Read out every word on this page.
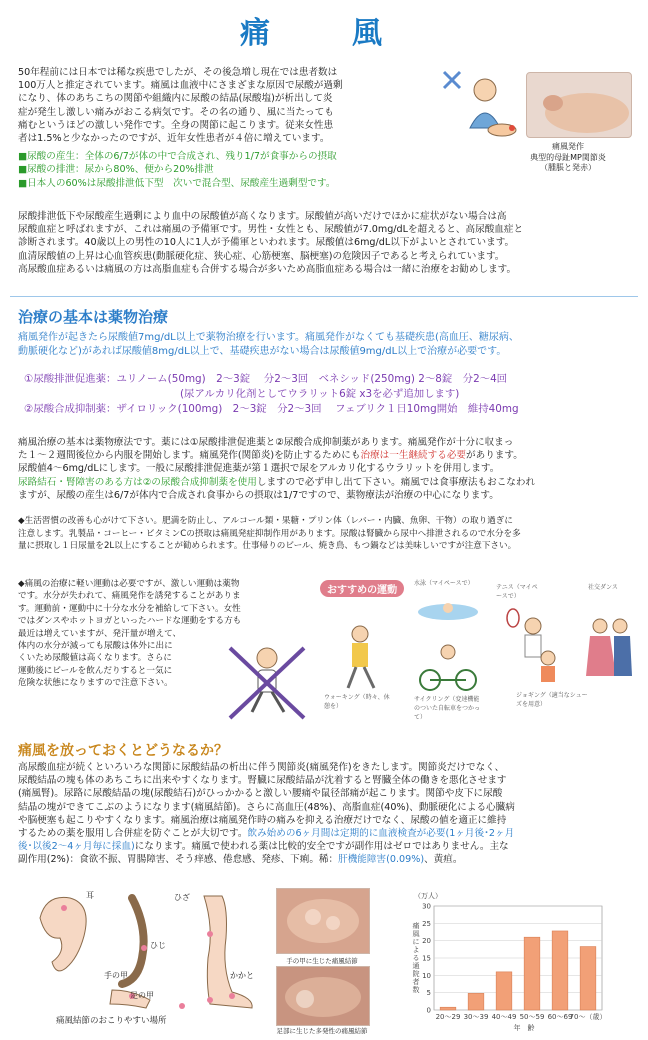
痛　風
50年程前には日本では稀な疾患でしたが、その後急増し現在では患者数は
100万人と推定されています。痛風は血液中にさまざまな原因で尿酸が過剰
になり、体のあちこちの関節や組織内に尿酸の結晶(尿酸塩)が析出して炎
症が発生し激しい痛みがおこる病気です。その名の通り、風に当たっても
痛むというほどの激しい発作です。全身の関節に起こります。従来女性患
者は1.5%と少なかったのですが、近年女性患者が４倍に増えています。
■尿酸の産生：全体の6/7が体の中で合成され、残り1/7が食事からの摂取
■尿酸の排泄：尿から80%、便から20%排泄
■日本人の60%は尿酸排泄低下型　次いで混合型、尿酸産生過剰型です。
痛風発作
典型的母趾MP関節炎
（腫脹と発赤）
尿酸排泄低下や尿酸産生過剰により血中の尿酸値が高くなります。尿酸値が高いだけでほかに症状がない場合は高
尿酸血症と呼ばれますが、これは痛風の予備軍です。男性・女性とも、尿酸値が7.0mg/dLを超えると、高尿酸血症と
診断されます。40歳以上の男性の10人に1人が予備軍といわれます。尿酸値は6mg/dL以下がよいとされています。
血清尿酸値の上昇は心血管疾患(動脈硬化症、狭心症、心筋梗塞、脳梗塞)の危険因子であると考えられています。
高尿酸血症あるいは痛風の方は高脂血症も合併する場合が多いため高脂血症ある場合は一緒に治療をお勧めします。
治療の基本は薬物治療
痛風発作が起きたら尿酸値7mg/dL以上で薬物治療を行います。痛風発作がなくても基礎疾患(高血圧、糖尿病、
動脈硬化など)があれば尿酸値8mg/dL以上で、基礎疾患がない場合は尿酸値9mg/dL以上で治療が必要です。
①尿酸排泄促進薬：ユリノーム(50mg)　2〜3錠　 分2〜3回　ベネシッド(250mg) 2〜8錠　分2〜4回
(尿アルカリ化剤としてウラリット6錠 x3を必ず追加します)
②尿酸合成抑制薬：ザイロリック(100mg)　2〜3錠　分2〜3回　 フェブリク１日10mg開始　維持40mg
痛風治療の基本は薬物療法です。薬には①尿酸排泄促進薬と②尿酸合成抑制薬があります。痛風発作が十分に収まっ
た１〜２週間後位から内服を開始します。痛風発作(関節炎)を防止するためにも治療は一生継続する必要があります。
尿酸値4〜6mg/dLにします。一般に尿酸排泄促進薬が第１選択で尿をアルカリ化するウラリットを併用します。
尿路結石・腎障害のある方は②の尿酸合成抑制薬を使用しますので必ず申し出て下さい。痛風では食事療法もおこなわれ
ますが、尿酸の産生は6/7が体内で合成され食事からの摂取は1/7ですので、薬物療法が治療の中心になります。
◆生活習慣の改善も心がけて下さい。肥満を防止し、アルコール類・果糖・プリン体（レバー・内臓、魚卵、干物）の取り過ぎに
注意します。乳製品・コーヒー・ビタミンCの摂取は痛風発症抑制作用があります。尿酸は腎臓から尿中へ排泄されるので水分を多
量に摂取し１日尿量を2L以上にすることが勧められます。仕事帰りのビール、焼き鳥、もつ鍋などは美味しいですが注意下さい。
◆痛風の治療に軽い運動は必要ですが、激しい運動は薬物
です。水分が失われて、痛風発作を誘発することがありま
す。運動前・運動中に十分な水分を補給して下さい。女性
ではダンスやホットヨガといったハードな運動をする方も
最近は増えていますが、発汗量が増えて、
体内の水分が減っても尿酸は体外に出に
くいため尿酸値は高くなります。さらに
運動後にビールを飲んだりすると一気に
危険な状態になりますので注意下さい。
おすすめの運動
水泳（マイペースで）
テニス（マイペースで）
社交ダンス
ウォーキング（時々、休憩を）
サイクリング（変速機能のついた自転車をつかって）
ジョギング（適当なシューズを用意）
痛風を放っておくとどうなるか？
高尿酸血症が続くといろいろな関節に尿酸結晶の析出に伴う関節炎(痛風発作)をきたします。関節炎だけでなく、
尿酸結晶の塊も体のあちこちに出来やすくなります。腎臓に尿酸結晶が沈着すると腎臓全体の働きを悪化させます
(痛風腎)。尿路に尿酸結晶の塊(尿酸結石)がひっかかると激しい腰痛や鼠径部痛が起こります。関節や皮下に尿酸
結晶の塊ができてこぶのようになります(痛風結節)。さらに高血圧(48%)、高脂血症(40%)、動脈硬化による心臓病
や脳梗塞も起こりやすくなります。痛風治療は痛風発作時の痛みを抑える治療だけでなく、尿酸の値を適正に維持
するための薬を服用し合併症を防ぐことが大切です。飲み始めの6ヶ月間は定期的に血液検査が必要(1ヶ月後･2ヶ月
後･以後2〜4ヶ月毎に採血)になります。痛風で使われる薬は比較的安全ですが副作用はゼロではありません。主な
副作用(2%)：食欲不振、胃腸障害、そう痒感、倦怠感、発疹、下痢。稀：肝機能障害(0.09%)、黄疸。
耳	ひざ
ひじ
手の甲
足の甲
かかと
痛風結節のおこりやすい場所
手の甲に生じた痛風結節
足部に生じた多発性の痛風結節
（万人）
痛
風
に
よ
る
通
院
者
数
0
5
10
15
20
25
30
20〜29 30〜39 40〜49 50〜59 60〜69
70〜（歳）
年　齢
